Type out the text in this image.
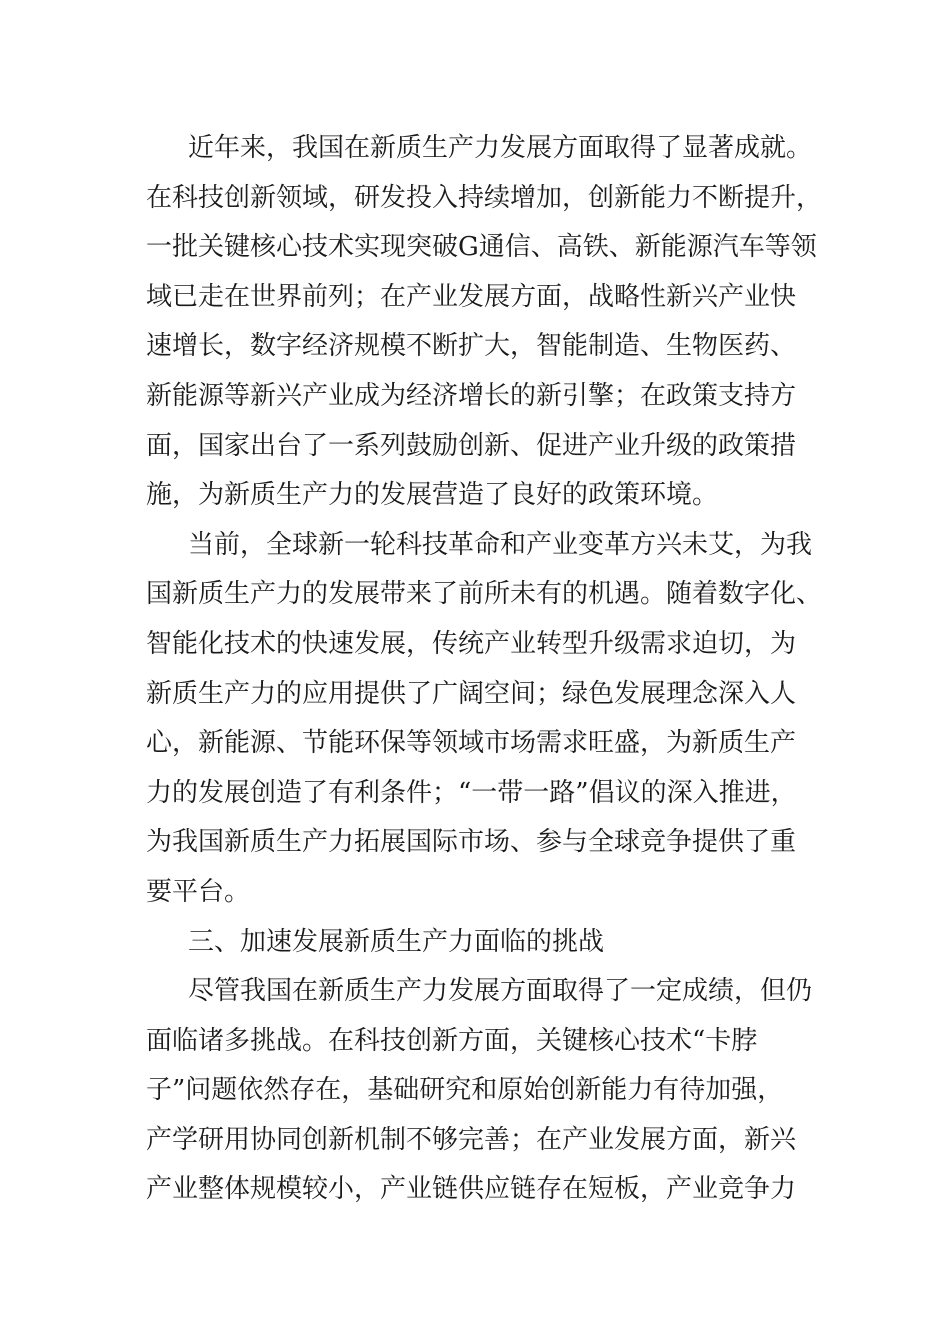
近年来，我国在新质生产力发展方面取得了显著成就。
在科技创新领域，研发投入持续增加，创新能力不断提升，
一批关键核心技术实现突破G通信、高铁、新能源汽车等领
域已走在世界前列；在产业发展方面，战略性新兴产业快
速增长，数字经济规模不断扩大，智能制造、生物医药、
新能源等新兴产业成为经济增长的新引擎；在政策支持方
面，国家出台了一系列鼓励创新、促进产业升级的政策措
施，为新质生产力的发展营造了良好的政策环境。
当前，全球新一轮科技革命和产业变革方兴未艾，为我
国新质生产力的发展带来了前所未有的机遇。随着数字化、
智能化技术的快速发展，传统产业转型升级需求迫切，为
新质生产力的应用提供了广阔空间；绿色发展理念深入人
心，新能源、节能环保等领域市场需求旺盛，为新质生产
力的发展创造了有利条件；“一带一路”倡议的深入推进，
为我国新质生产力拓展国际市场、参与全球竞争提供了重
要平台。
三、加速发展新质生产力面临的挑战
尽管我国在新质生产力发展方面取得了一定成绩，但仍
面临诸多挑战。在科技创新方面，关键核心技术“卡脖
子”问题依然存在，基础研究和原始创新能力有待加强，
产学研用协同创新机制不够完善；在产业发展方面，新兴
产业整体规模较小，产业链供应链存在短板，产业竞争力
